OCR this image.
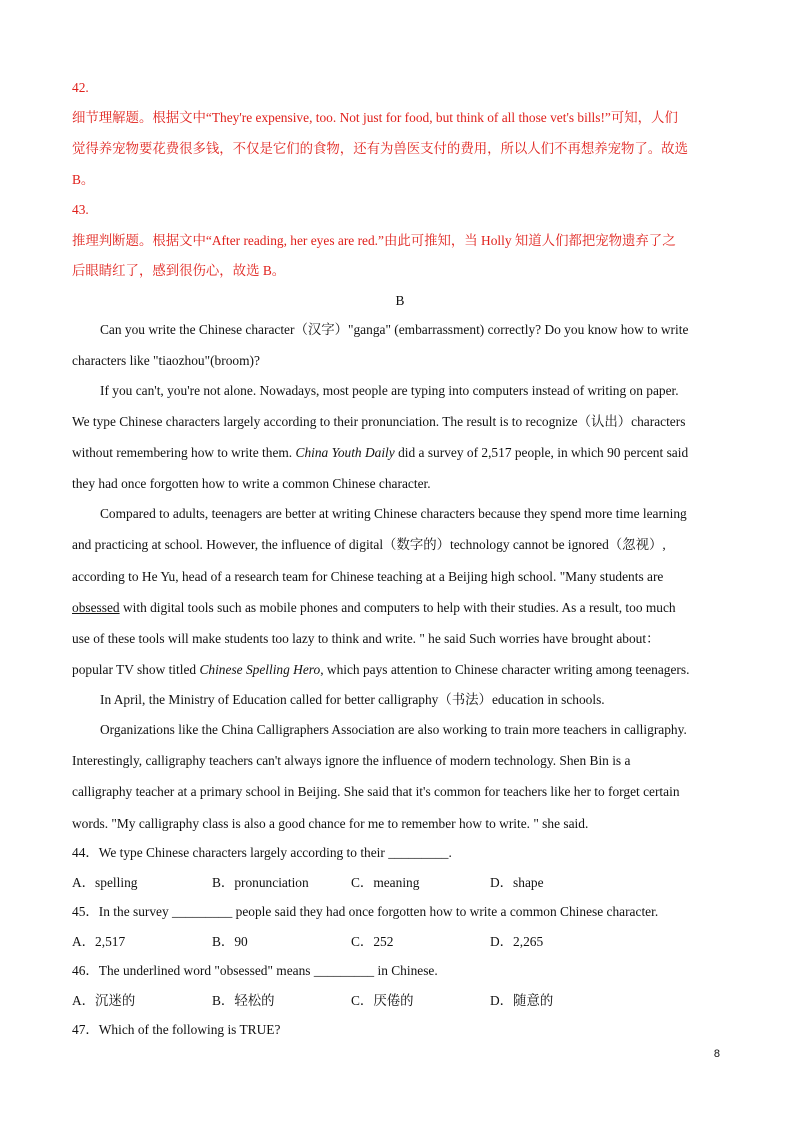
42.
细节理解题。根据文中“They're expensive, too. Not just for food, but think of all those vet's bills!”可知，人们
觉得养宠物要花费很多钱，不仅是它们的食物，还有为兽医支付的费用，所以人们不再想养宠物了。故选
B。
43.
推理判断题。根据文中“After reading, her eyes are red.”由此可推知，当 Holly 知道人们都把宠物遗弃了之
后眼睛红了，感到很伤心，故选 B。
B
Can you write the Chinese character（汉字）"ganga" (embarrassment) correctly? Do you know how to write
characters like "tiaozhou"(broom)?
If you can't, you're not alone. Nowadays, most people are typing into computers instead of writing on paper.
We type Chinese characters largely according to their pronunciation. The result is to recognize（认出）characters
without remembering how to write them. China Youth Daily did a survey of 2,517 people, in which 90 percent said
they had once forgotten how to write a common Chinese character.
Compared to adults, teenagers are better at writing Chinese characters because they spend more time learning
and practicing at school. However, the influence of digital（数字的）technology cannot be ignored（忽视）,
according to He Yu, head of a research team for Chinese teaching at a Beijing high school. "Many students are
obsessed with digital tools such as mobile phones and computers to help with their studies. As a result, too much
use of these tools will make students too lazy to think and write. " he said Such worries have brought about：
popular TV show titled Chinese Spelling Hero, which pays attention to Chinese character writing among teenagers.
In April, the Ministry of Education called for better calligraphy（书法）education in schools.
Organizations like the China Calligraphers Association are also working to train more teachers in calligraphy.
Interestingly, calligraphy teachers can't always ignore the influence of modern technology. Shen Bin is a
calligraphy teacher at a primary school in Beijing. She said that it's common for teachers like her to forget certain
words. "My calligraphy class is also a good chance for me to remember how to write. " she said.
44．We type Chinese characters largely according to their _________.
A．spelling	B．pronunciation	C．meaning	D．shape
45．In the survey _________ people said they had once forgotten how to write a common Chinese character.
A．2,517	B．90	C．252	D．2,265
46．The underlined word "obsessed" means _________ in Chinese.
A．沉迷的	B．轻松的	C．厌倦的	D．随意的
47．Which of the following is TRUE?
8
